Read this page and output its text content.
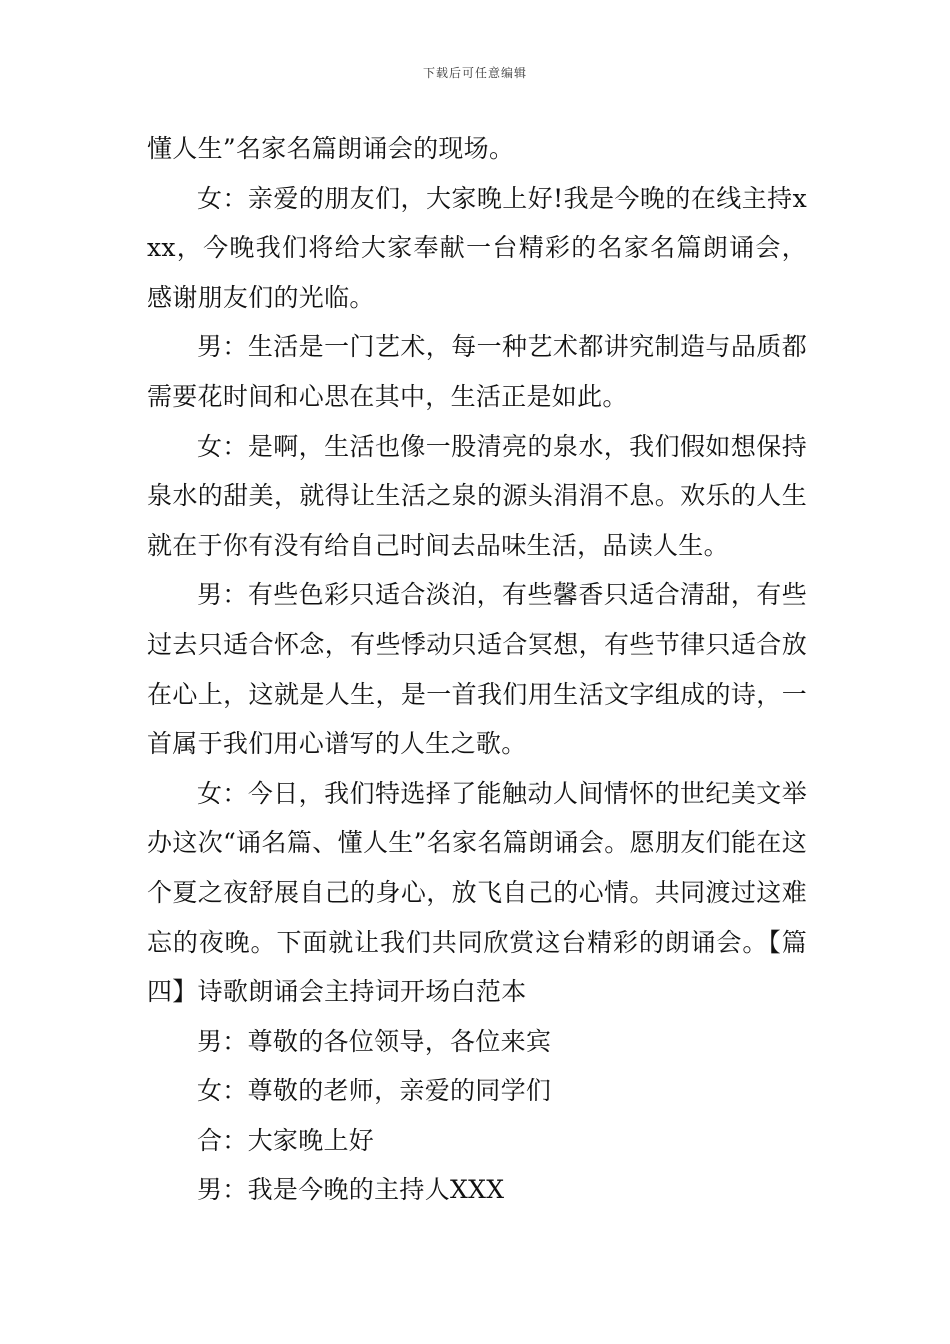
下载后可任意编辑

懂人生”名家名篇朗诵会的现场。

女：亲爱的朋友们，大家晚上好!我是今晚的在线主持xxx，今晚我们将给大家奉献一台精彩的名家名篇朗诵会，感谢朋友们的光临。

男：生活是一门艺术，每一种艺术都讲究制造与品质都需要花时间和心思在其中，生活正是如此。

女：是啊，生活也像一股清亮的泉水，我们假如想保持泉水的甜美，就得让生活之泉的源头涓涓不息。欢乐的人生就在于你有没有给自己时间去品味生活，品读人生。

男：有些色彩只适合淡泊，有些馨香只适合清甜，有些过去只适合怀念，有些悸动只适合冥想，有些节律只适合放在心上，这就是人生，是一首我们用生活文字组成的诗，一首属于我们用心谱写的人生之歌。

女：今日，我们特选择了能触动人间情怀的世纪美文举办这次“诵名篇、懂人生”名家名篇朗诵会。愿朋友们能在这个夏之夜舒展自己的身心，放飞自己的心情。共同渡过这难忘的夜晚。下面就让我们共同欣赏这台精彩的朗诵会。【篇四】诗歌朗诵会主持词开场白范本

男：尊敬的各位领导，各位来宾

女：尊敬的老师，亲爱的同学们

合：大家晚上好

男：我是今晚的主持人XXX
